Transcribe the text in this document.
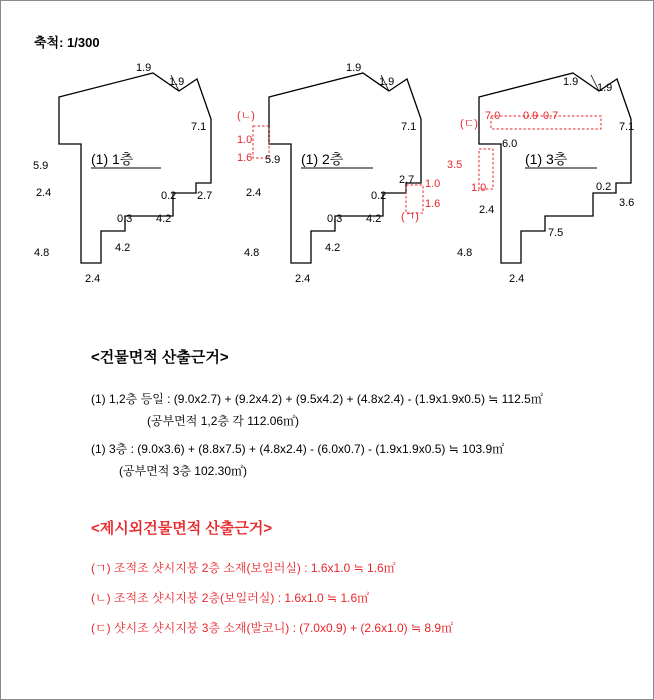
축척: 1/300
(1) 1층
1.9
1.9
7.1
5.9
2.4	0.2 2.7
0.3 4.2
4.8	4.2
2.4
(1) 2층
1.9
1.9
7.1
5.9
2.4	0.2
2.7
0.3 4.2
4.8	4.2
2.4
(ㄴ)
1.0
1.6
1.0
1.6
(ㄱ)
(1) 3층
1.9 1.9
7.1
6.0
0.2
3.6
2.4
7.5
4.8
2.4
(ㄷ)
7.0 0.9 0.7
3.5
1.0
<건물면적 산출근거>
(1) 1,2층 등일 : (9.0x2.7) + (9.2x4.2) + (9.5x4.2) + (4.8x2.4) - (1.9x1.9x0.5) ≒ 112.5㎡
(공부면적 1,2층 각 112.06㎡)
(1) 3층 : (9.0x3.6) + (8.8x7.5) + (4.8x2.4) - (6.0x0.7) - (1.9x1.9x0.5) ≒ 103.9㎡
(공부면적 3층 102.30㎡)
<제시외건물면적 산출근거>
(ㄱ) 조적조 샷시지붕 2층 소재(보일러실) : 1.6x1.0 ≒ 1.6㎡
(ㄴ) 조적조 샷시지붕 2층(보일러실) : 1.6x1.0 ≒ 1.6㎡
(ㄷ) 샷시조 샷시지붕 3층 소재(발코니) : (7.0x0.9) + (2.6x1.0) ≒ 8.9㎡
